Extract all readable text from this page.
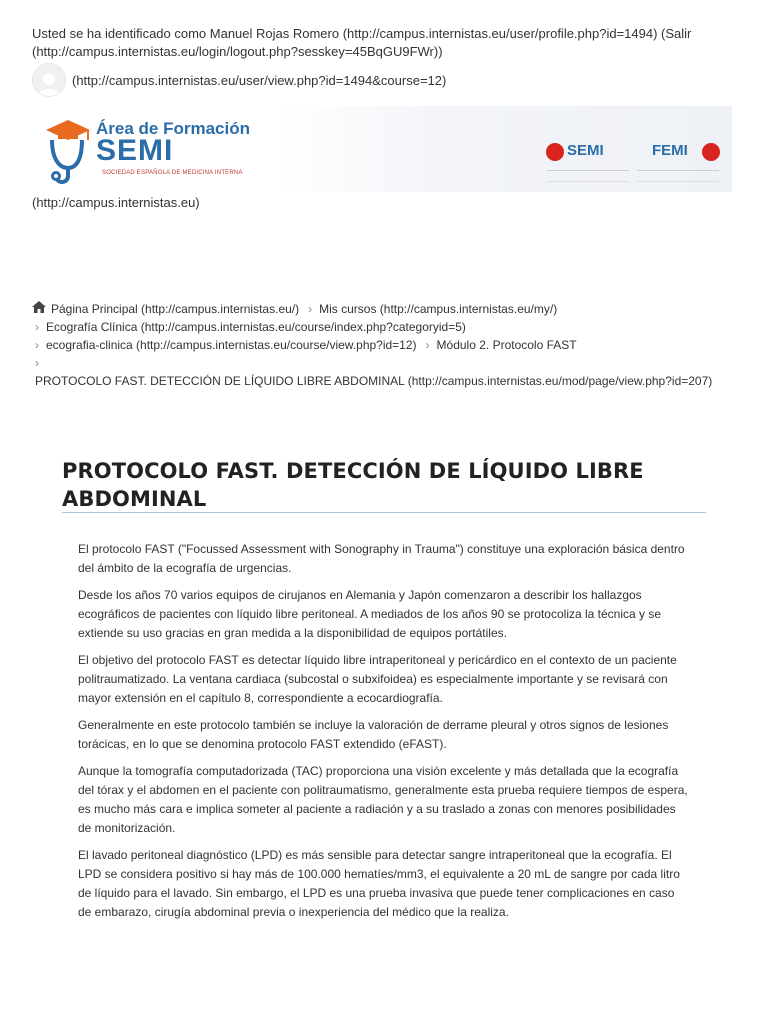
Usted se ha identificado como Manuel Rojas Romero (http://campus.internistas.eu/user/profile.php?id=1494) (Salir (http://campus.internistas.eu/login/logout.php?sesskey=45BqGU9FWr))
(http://campus.internistas.eu/user/view.php?id=1494&course=12)
Área de Formación
SEMI
SOCIEDAD ESPAÑOLA DE MEDICINA INTERNA
SEMI	FEMI
(http://campus.internistas.eu)
Página Principal (http://campus.internistas.eu/) › Mis cursos (http://campus.internistas.eu/my/)
› Ecografía Clínica (http://campus.internistas.eu/course/index.php?categoryid=5)
› ecografia-clinica (http://campus.internistas.eu/course/view.php?id=12) › Módulo 2. Protocolo FAST
›
PROTOCOLO FAST. DETECCIÓN DE LÍQUIDO LIBRE ABDOMINAL (http://campus.internistas.eu/mod/page/view.php?id=207)
PROTOCOLO FAST. DETECCIÓN DE LÍQUIDO LIBRE
ABDOMINAL

El protocolo FAST ("Focussed Assessment with Sonography in Trauma") constituye una exploración básica dentro del ámbito de la ecografía de urgencias.

Desde los años 70 varios equipos de cirujanos en Alemania y Japón comenzaron a describir los hallazgos ecográficos de pacientes con líquido libre peritoneal. A mediados de los años 90 se protocoliza la técnica y se extiende su uso gracias en gran medida a la disponibilidad de equipos portátiles.

El objetivo del protocolo FAST es detectar líquido libre intraperitoneal y pericárdico en el contexto de un paciente politraumatizado. La ventana cardiaca (subcostal o subxifoidea) es especialmente importante y se revisará con mayor extensión en el capítulo 8, correspondiente a ecocardiografía.

Generalmente en este protocolo también se incluye la valoración de derrame pleural y otros signos de lesiones torácicas, en lo que se denomina protocolo FAST extendido (eFAST).

Aunque la tomografía computadorizada (TAC) proporciona una visión excelente y más detallada que la ecografía del tórax y el abdomen en el paciente con politraumatismo, generalmente esta prueba requiere tiempos de espera, es mucho más cara e implica someter al paciente a radiación y a su traslado a zonas con menores posibilidades de monitorización.

El lavado peritoneal diagnóstico (LPD) es más sensible para detectar sangre intraperitoneal que la ecografía. El LPD se considera positivo si hay más de 100.000 hematíes/mm3, el equivalente a 20 mL de sangre por cada litro de líquido para el lavado. Sin embargo, el LPD es una prueba invasiva que puede tener complicaciones en caso de embarazo, cirugía abdominal previa o inexperiencia del médico que la realiza.
